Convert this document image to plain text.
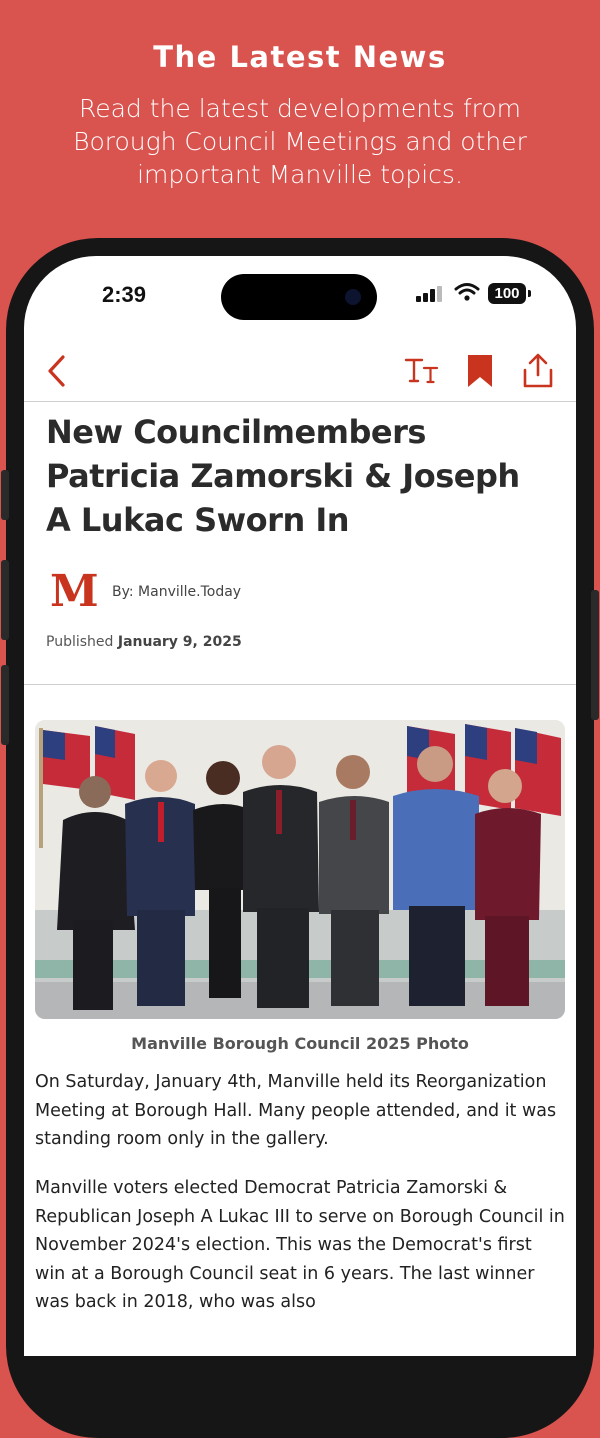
The Latest News
Read the latest developments from Borough Council Meetings and other important Manville topics.
2:39	100
New Councilmembers Patricia Zamorski & Joseph A Lukac Sworn In
M By: Manville.Today
Published January 9, 2025
Manville Borough Council 2025 Photo
On Saturday, January 4th, Manville held its Reorganization Meeting at Borough Hall. Many people attended, and it was standing room only in the gallery.
Manville voters elected Democrat Patricia Zamorski & Republican Joseph A Lukac III to serve on Borough Council in November 2024's election. This was the Democrat's first win at a Borough Council seat in 6 years. The last winner was back in 2018, who was also
